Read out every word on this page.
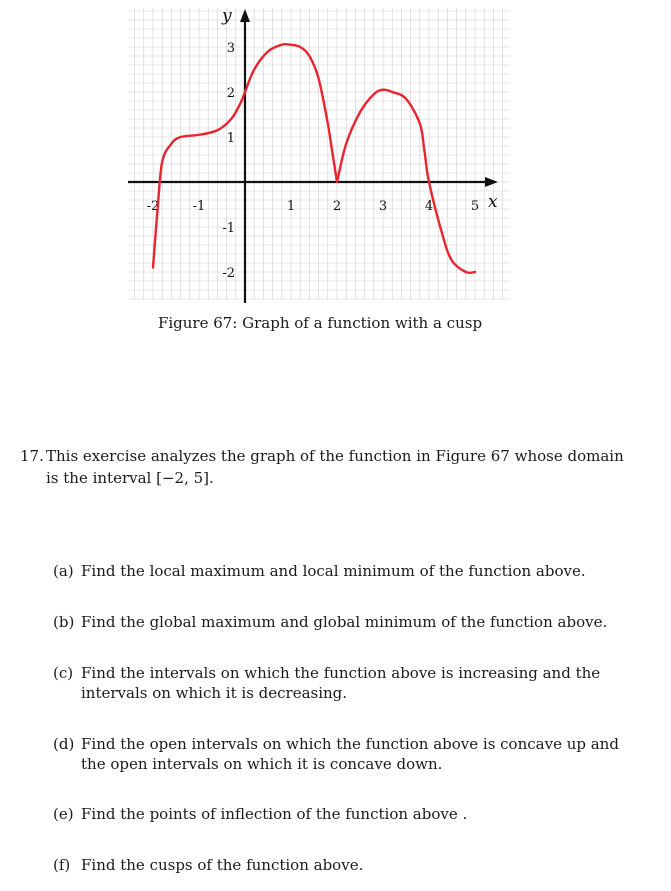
y
x
-2	-1	1	2	3	4	5
3
2
1
-1
-2
Figure 67: Graph of a function with a cusp
17. This exercise analyzes the graph of the function in Figure 67 whose domain is the interval [−2, 5].
(a) Find the local maximum and local minimum of the function above.
(b) Find the global maximum and global minimum of the function above.
(c) Find the intervals on which the function above is increasing and the intervals on which it is decreasing.
(d) Find the open intervals on which the function above is concave up and the open intervals on which it is concave down.
(e) Find the points of inflection of the function above .
(f) Find the cusps of the function above.
